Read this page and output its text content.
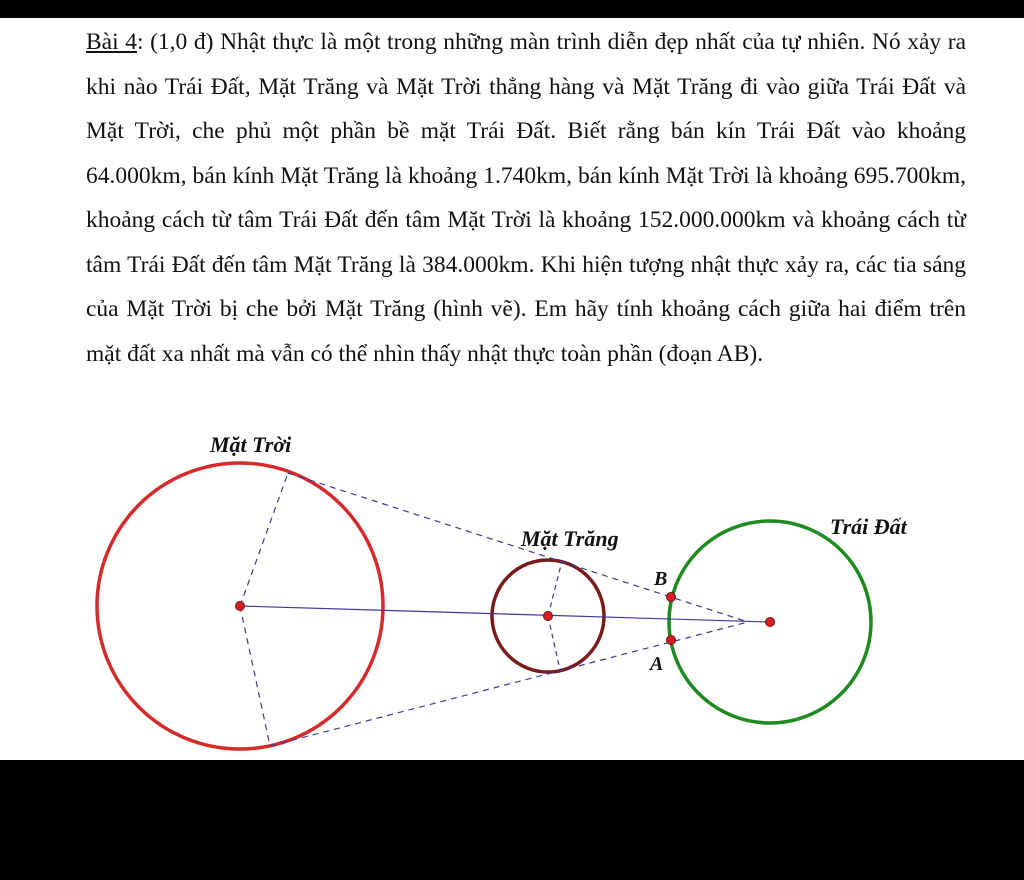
Bài 4: (1,0 đ) Nhật thực là một trong những màn trình diễn đẹp nhất của tự nhiên. Nó xảy ra khi nào Trái Đất, Mặt Trăng và Mặt Trời thẳng hàng và Mặt Trăng đi vào giữa Trái Đất và Mặt Trời, che phủ một phần bề mặt Trái Đất. Biết rằng bán kín Trái Đất vào khoảng 64.000km, bán kính Mặt Trăng là khoảng 1.740km, bán kính Mặt Trời là khoảng 695.700km, khoảng cách từ tâm Trái Đất đến tâm Mặt Trời là khoảng 152.000.000km và khoảng cách từ tâm Trái Đất đến tâm Mặt Trăng là 384.000km. Khi hiện tượng nhật thực xảy ra, các tia sáng của Mặt Trời bị che bởi Mặt Trăng (hình vẽ). Em hãy tính khoảng cách giữa hai điểm trên mặt đất xa nhất mà vẫn có thể nhìn thấy nhật thực toàn phần (đoạn AB).

Mặt Trời
Mặt Trăng	Trái Đất
B
A
